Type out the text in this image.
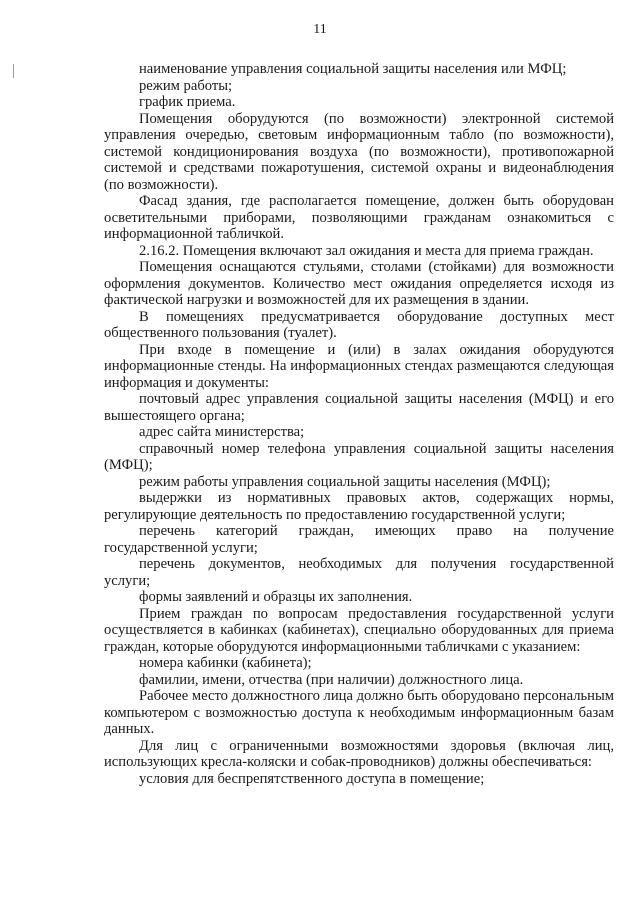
11

наименование управления социальной защиты населения или МФЦ;

режим работы;

график приема.

Помещения оборудуются (по возможности) электронной системой управления очередью, световым информационным табло (по возможности), системой кондиционирования воздуха (по возможности), противопожарной системой и средствами пожаротушения, системой охраны и видеонаблюдения (по возможности).

Фасад здания, где располагается помещение, должен быть оборудован осветительными приборами, позволяющими гражданам ознакомиться с информационной табличкой.

2.16.2. Помещения включают зал ожидания и места для приема граждан.

Помещения оснащаются стульями, столами (стойками) для возможности оформления документов. Количество мест ожидания определяется исходя из фактической нагрузки и возможностей для их размещения в здании.

В помещениях предусматривается оборудование доступных мест общественного пользования (туалет).

При входе в помещение и (или) в залах ожидания оборудуются информационные стенды. На информационных стендах размещаются следующая информация и документы:

почтовый адрес управления социальной защиты населения (МФЦ) и его вышестоящего органа;

адрес сайта министерства;

справочный номер телефона управления социальной защиты населения (МФЦ);

режим работы управления социальной защиты населения (МФЦ);

выдержки из нормативных правовых актов, содержащих нормы, регулирующие деятельность по предоставлению государственной услуги;

перечень категорий граждан, имеющих право на получение государственной услуги;

перечень документов, необходимых для получения государственной услуги;

формы заявлений и образцы их заполнения.

Прием граждан по вопросам предоставления государственной услуги осуществляется в кабинках (кабинетах), специально оборудованных для приема граждан, которые оборудуются информационными табличками с указанием:

номера кабинки (кабинета);

фамилии, имени, отчества (при наличии) должностного лица.

Рабочее место должностного лица должно быть оборудовано персональным компьютером с возможностью доступа к необходимым информационным базам данных.

Для лиц с ограниченными возможностями здоровья (включая лиц, использующих кресла-коляски и собак-проводников) должны обеспечиваться:

условия для беспрепятственного доступа в помещение;
